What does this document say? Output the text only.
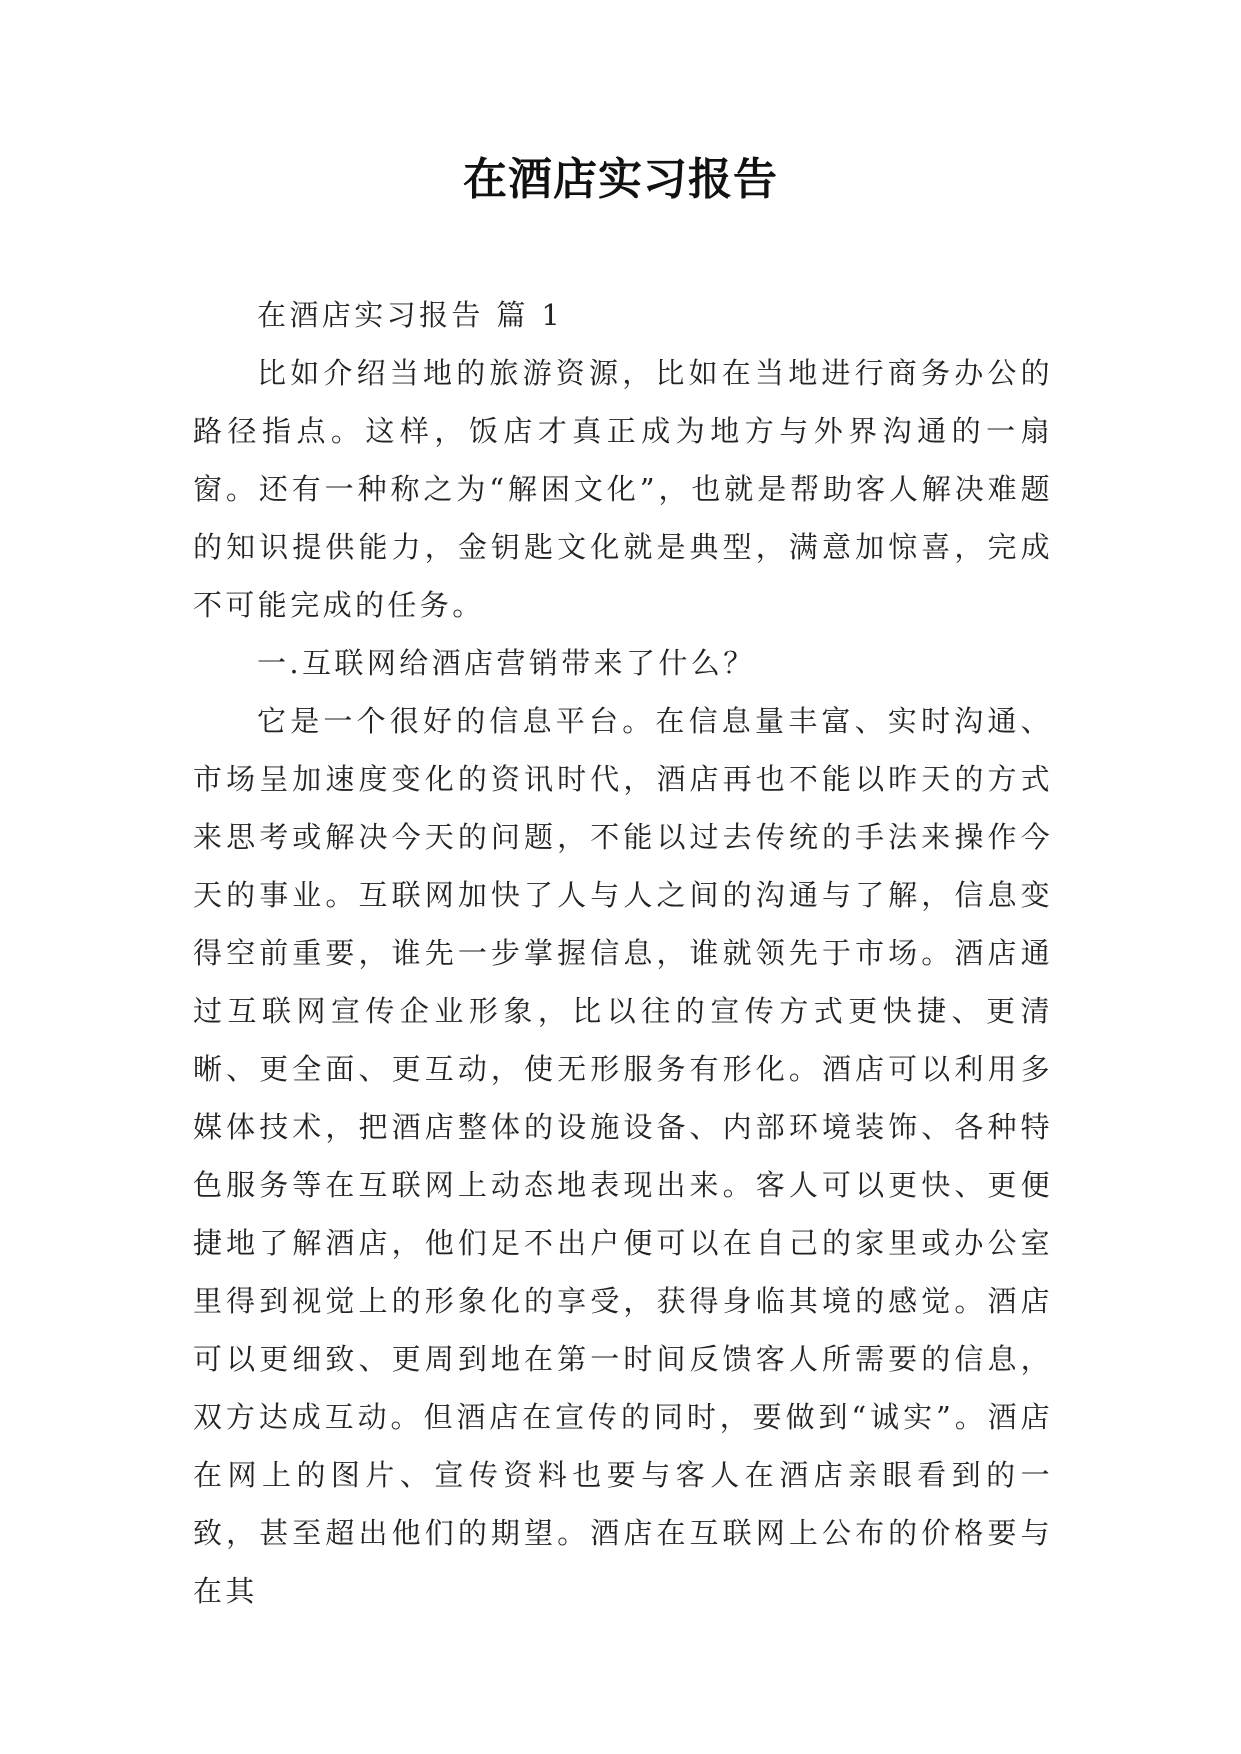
在酒店实习报告

在酒店实习报告 篇 1

比如介绍当地的旅游资源，比如在当地进行商务办公的路径指点。这样，饭店才真正成为地方与外界沟通的一扇窗。还有一种称之为“解困文化”，也就是帮助客人解决难题的知识提供能力，金钥匙文化就是典型，满意加惊喜，完成不可能完成的任务。

一.互联网给酒店营销带来了什么？

它是一个很好的信息平台。在信息量丰富、实时沟通、市场呈加速度变化的资讯时代，酒店再也不能以昨天的方式来思考或解决今天的问题，不能以过去传统的手法来操作今天的事业。互联网加快了人与人之间的沟通与了解，信息变得空前重要，谁先一步掌握信息，谁就领先于市场。酒店通过互联网宣传企业形象，比以往的宣传方式更快捷、更清晰、更全面、更互动，使无形服务有形化。酒店可以利用多媒体技术，把酒店整体的设施设备、内部环境装饰、各种特色服务等在互联网上动态地表现出来。客人可以更快、更便捷地了解酒店，他们足不出户便可以在自己的家里或办公室里得到视觉上的形象化的享受，获得身临其境的感觉。酒店可以更细致、更周到地在第一时间反馈客人所需要的信息，双方达成互动。但酒店在宣传的同时，要做到“诚实”。酒店在网上的图片、宣传资料也要与客人在酒店亲眼看到的一致，甚至超出他们的期望。酒店在互联网上公布的价格要与在其
